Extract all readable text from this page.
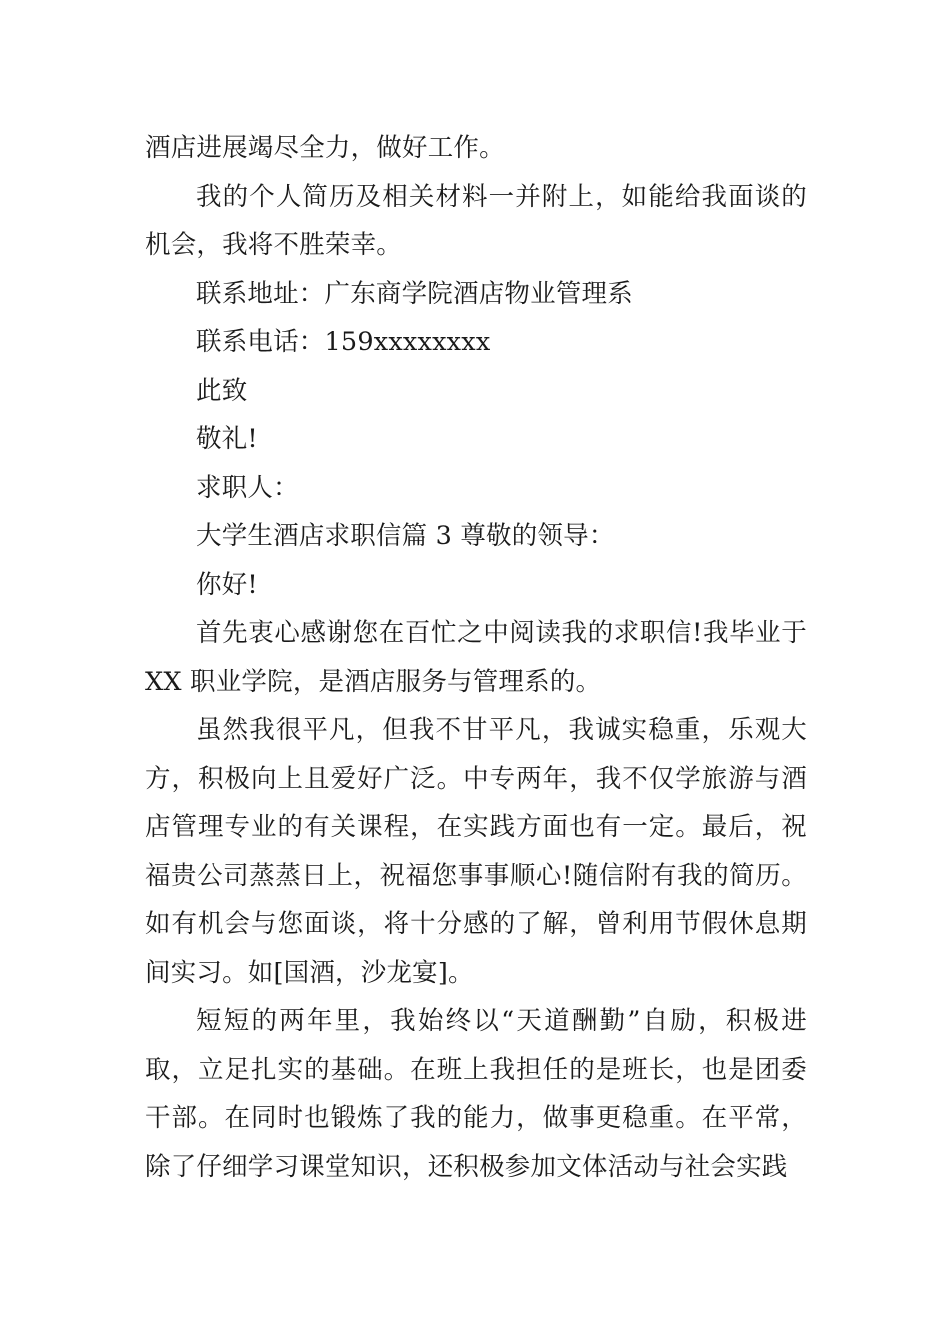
酒店进展竭尽全力，做好工作。

我的个人简历及相关材料一并附上，如能给我面谈的
机会，我将不胜荣幸。

联系地址：广东商学院酒店物业管理系

联系电话：159xxxxxxxx

此致

敬礼!

求职人：

大学生酒店求职信篇 3 尊敬的领导：

你好!

首先衷心感谢您在百忙之中阅读我的求职信!我毕业于
XX 职业学院，是酒店服务与管理系的。

虽然我很平凡，但我不甘平凡，我诚实稳重，乐观大
方，积极向上且爱好广泛。中专两年，我不仅学旅游与酒
店管理专业的有关课程，在实践方面也有一定。最后，祝
福贵公司蒸蒸日上，祝福您事事顺心!随信附有我的简历。
如有机会与您面谈，将十分感的了解，曾利用节假休息期
间实习。如[国酒，沙龙宴]。

短短的两年里，我始终以“天道酬勤”自励，积极进
取，立足扎实的基础。在班上我担任的是班长，也是团委
干部。在同时也锻炼了我的能力，做事更稳重。在平常，
除了仔细学习课堂知识，还积极参加文体活动与社会实践
